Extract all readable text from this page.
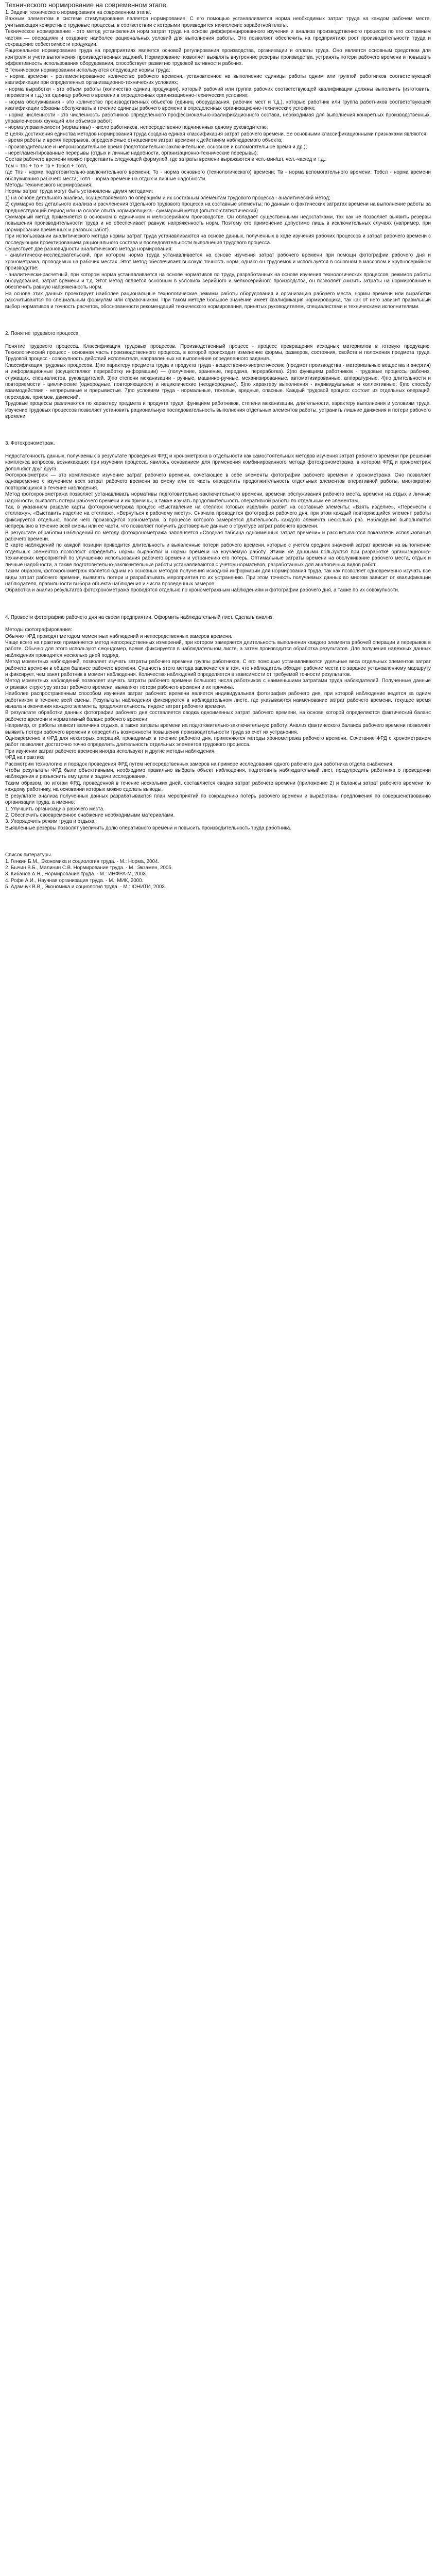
Технического нормирование на современном этапе

1. Задачи технического нормирования на современном этапе.

Важным элементом в системе стимулирования является нормирование. С его помощью устанавливается норма необходимых затрат труда на каждом рабочем месте, учитывающая конкретные трудовые процессы, в соответствии с которыми производится начисление заработной платы.

Техническое нормирование - это метод установления норм затрат труда на основе дифференцированного изучения и анализа производственного процесса по его составным частям — операциям и создание наиболее рациональных условий для выполнения работы. Это позволяет обеспечить на предприятиях рост производительности труда и сокращение себестоимости продукции.

Рациональное нормирование труда на предприятиях является основой регулирования производства, организации и оплаты труда. Оно является основным средством для контроля и учета выполнения производственных заданий. Нормирование позволяет выявлять внутренние резервы производства, устранять потери рабочего времени и повышать эффективность использования оборудования, способствует развитию трудовой активности рабочих.

В техническом нормировании используются следующие нормы труда:

- норма времени - регламентированное количество рабочего времени, установленное на выполнение единицы работы одним или группой работников соответствующей квалификации при определенных организационно-технических условиях;

- норма выработки - это объем работы (количество единиц продукции), который рабочий или группа рабочих соответствующей квалификации должны выполнить (изготовить, перевезти и т.д.) за единицу рабочего времени в определенных организационно-технических условиях;

- норма обслуживания - это количество производственных объектов (единиц оборудования, рабочих мест и т.д.), которые работник или группа работников соответствующей квалификации обязаны обслуживать в течение единицы рабочего времени в определенных организационно-технических условиях;

- норма численности - это численность работников определенного профессионально-квалификационного состава, необходимая для выполнения конкретных производственных, управленческих функций или объемов работ;

- норма управляемости (нормативы) - число работников, непосредственно подчиненных одному руководителю;

В целях достижения единства методов нормирования труда создана единая классификация затрат рабочего времени. Ее основными классификационными признаками являются:

- время работы и время перерывов, определяемые отношением затрат времени к действиям наблюдаемого объекта;

- производительное и непроизводительное время (подготовительно-заключительное, основное и вспомогательное время и др.);

- нерегламентированные перерывы (отдых и личные надобности, организационно-технические перерывы);

Состав рабочего времени можно представить следующей формулой, где затраты времени выражаются в чел.-мин/шт, чел.-час/ед и т.д.:

Тсм = Тпз + То + Тв + Тобсл + Тотл,

где Тпз - норма подготовительно-заключительного времени; То - норма основного (технологического) времени; Тв - норма вспомогательного времени; Тобсл - норма времени обслуживания рабочего места; Тотл - норма времени на отдых и личные надобности.

Методы технического нормирования:

Нормы затрат труда могут быть установлены двумя методами:

1) на основе детального анализа, осуществляемого по операциям и их составным элементам трудового процесса - аналитический метод;

2) суммарно без детального анализа и расчленения отдельного трудового процесса на составные элементы; по данным о фактических затратах времени на выполнение работы за предшествующий период или на основе опыта нормировщика - суммарный метод (опытно-статистический).

Суммарный метод применяется в основном в единичном и мелкосерийном производстве. Он обладает существенными недостатками, так как не позволяет выявить резервы повышения производительности труда и не обеспечивает равную напряженность норм. Поэтому его применение допустимо лишь в исключительных случаях (например, при нормировании временных и разовых работ).

При использовании аналитического метода нормы затрат труда устанавливаются на основе данных, полученных в ходе изучения рабочих процессов и затрат рабочего времени с последующим проектированием рационального состава и последовательности выполнения трудового процесса.

Существует две разновидности аналитического метода нормирования:

- аналитически-исследовательский, при котором норма труда устанавливается на основе изучения затрат рабочего времени при помощи фотографии рабочего дня и хронометража, проводимых на рабочих местах. Этот метод обеспечивает высокую точность норм, однако он трудоемок и используется в основном в массовом и крупносерийном производстве;

- аналитически-расчетный, при котором норма устанавливается на основе нормативов по труду, разработанных на основе изучения технологических процессов, режимов работы оборудования, затрат времени и т.д. Этот метод является основным в условиях серийного и мелкосерийного производства, он позволяет снизить затраты на нормирование и обеспечить равную напряженность норм.

На основе этих данных проектирует наиболее рациональные технологические режимы работы оборудования и организацию рабочего места, нормы времени или выработки рассчитываются по специальным формулам или справочникам. При таком методе большое значение имеет квалификация нормировщика, так как от него зависит правильный выбор нормативов и точность расчетов, обоснованности рекомендаций технического нормирования, принятых руководителем, специалистами и техническими исполнителями.

2. Понятие трудового процесса.

Понятие трудового процесса. Классификация трудовых процессов. Производственный процесс - процесс превращения исходных материалов в готовую продукцию. Технологический процесс - основная часть производственного процесса, в которой происходит изменение формы, размеров, состояния, свойств и положения предмета труда. Трудовой процесс - совокупность действий исполнителя, направленных на выполнение определенного задания.

Классификация трудовых процессов. 1)по характеру предмета труда и продукта труда - вещественно-энергетические (предмет производства - материальные вещества и энергия) и информационные (осуществляют переработку информации) — (получение, хранение, передача, переработка). 2)по функциям работников - трудовые процессы рабочих, служащих, специалистов, руководителей. 3)по степени механизации - ручные, машинно-ручные, механизированные, автоматизированные, аппаратурные. 4)по длительности и повторяемости - циклические (однородные, повторяющиеся) и нециклические (неоднородные). 5)по характеру выполнения - индивидуальные и коллективные; 6)по способу взаимодействия - непрерывные и прерывистые. 7)по условиям труда - нормальные, тяжелые, вредные, опасные. Каждый трудовой процесс состоит из отдельных операций, переходов, приемов, движений.

Трудовые процессы различаются по характеру предмета и продукта труда, функциям работников, степени механизации, длительности, характеру выполнения и условиям труда. Изучение трудовых процессов позволяет установить рациональную последовательность выполнения отдельных элементов работы, устранить лишние движения и потери рабочего времени.

3. Фотохронометраж.

Недостаточность данных, получаемых в результате проведения ФРД и хронометража в отдельности как самостоятельных методов изучения затрат рабочего времени при решении комплекса вопросов, возникающих при изучении процесса, явилось основанием для применения комбинированного метода фотохронометража, в котором ФРД и хронометраж дополняют друг друга.

Фотохронометраж — это комплексное изучение затрат рабочего времени, сочетающее в себе элементы фотографии рабочего времени и хронометража. Оно позволяет одновременно с изучением всех затрат рабочего времени за смену или ее часть определить продолжительность отдельных элементов оперативной работы, многократно повторяющихся в течение наблюдения.

Метод фотохронометража позволяет устанавливать нормативы подготовительно-заключительного времени, времени обслуживания рабочего места, времени на отдых и личные надобности, выявлять потери рабочего времени и их причины, а также изучать продолжительность оперативной работы по отдельным ее элементам.

Так, в указанном разделе карты фотохронометража процесс «Выставление на стеллаж готовых изделий» разбит на составные элементы: «Взять изделие», «Перенести к стеллажу», «Выставить изделие на стеллаж», «Вернуться к рабочему месту». Сначала проводится фотография рабочего дня, при этом каждый повторяющийся элемент работы фиксируется отдельно, после чего производится хронометраж, в процессе которого замеряется длительность каждого элемента несколько раз. Наблюдения выполняются непрерывно в течение всей смены или ее части, что позволяет получить достоверные данные о структуре затрат рабочего времени.

В результате обработки наблюдений по методу фотохронометража заполняется «Сводная таблица одноименных затрат времени» и рассчитываются показатели использования рабочего времени.

В карте наблюдений по каждой позиции приводится длительность и выявленные потери рабочего времени, которые с учетом средних значений затрат времени на выполнение отдельных элементов позволяют определить нормы выработки и нормы времени на изучаемую работу. Этими же данными пользуются при разработке организационно-технических мероприятий по улучшению использования рабочего времени и устранению его потерь. Оптимальные затраты времени на обслуживание рабочего места, отдых и личные надобности, а также подготовительно-заключительные работы устанавливаются с учетом нормативов, разработанных для аналогичных видов работ.

Таким образом, фотохронометраж является одним из основных методов получения исходной информации для нормирования труда, так как позволяет одновременно изучать все виды затрат рабочего времени, выявлять потери и разрабатывать мероприятия по их устранению. При этом точность получаемых данных во многом зависит от квалификации наблюдателя, правильности выбора объекта наблюдения и числа проведенных замеров.

Обработка и анализ результатов фотохронометража проводятся отдельно по хронометражным наблюдениям и фотографии рабочего дня, а также по их совокупности.

4. Провести фотографию рабочего дня на своем предприятии. Оформить наблюдательный лист. Сделать анализ.

Методы фотографирования:

Обычно ФРД проводят методом моментных наблюдений и непосредственных замеров времени.

Чаще всего на практике применяется метод непосредственных измерений, при котором замеряется длительность выполнения каждого элемента рабочей операции и перерывов в работе. Обычно для этого используют секундомер, время фиксируется в наблюдательном листе, а затем производится обработка результатов. Для получения надежных данных наблюдения проводятся несколько дней подряд.

Метод моментных наблюдений, позволяет изучать затраты рабочего времени группы работников. С его помощью устанавливаются удельные веса отдельных элементов затрат рабочего времени в общем балансе рабочего времени. Сущность этого метода заключается в том, что наблюдатель обходит рабочие места по заранее установленному маршруту и фиксирует, чем занят работник в момент наблюдения. Количество наблюдений определяется в зависимости от требуемой точности результатов.

Метод моментных наблюдений позволяет изучать затраты рабочего времени большого числа работников с наименьшими затратами труда наблюдателей. Полученные данные отражают структуру затрат рабочего времени, выявляют потери рабочего времени и их причины.

Наиболее распространенным способом изучения затрат рабочего времени является индивидуальная фотография рабочего дня, при которой наблюдение ведется за одним работником в течение всей смены. Результаты наблюдения фиксируются в наблюдательном листе, где указываются наименование затрат рабочего времени, текущее время начала и окончания каждого элемента, продолжительность, индекс затрат рабочего времени.

В результате обработки данных фотографии рабочего дня составляется сводка одноименных затрат рабочего времени, на основе которой определяются фактический баланс рабочего времени и нормативный баланс рабочего времени.

Например, от работы зависит величина отдыха, а также затраты времени на подготовительно-заключительную работу. Анализ фактического баланса рабочего времени позволяет выявить потери рабочего времени и определить возможности повышения производительности труда за счет их устранения.

Одновременно в ФРД для некоторых операций, проводимых в течение рабочего дня, применяются методы хронометража рабочего времени. Сочетание ФРД с хронометражем работ позволяет достаточно точно определить длительность отдельных элементов трудового процесса.

При изучении затрат рабочего времени иногда используют и другие методы наблюдения.

ФРД на практике

Рассмотрим технологию и порядок проведения ФРД путем непосредственных замеров на примере исследования одного рабочего дня работника отдела снабжения.

Чтобы результаты ФРД были объективными, необходимо правильно выбрать объект наблюдения, подготовить наблюдательный лист, предупредить работника о проведении наблюдения и разъяснить ему цели и задачи исследования.

Таким образом, по итогам ФРД, проведенной в течение нескольких дней, составляется сводка затрат рабочего времени (приложение 2) и балансы затрат рабочего времени по каждому работнику, на основании которых можно сделать выводы.

В результате анализа полученных данных разрабатываются план мероприятий по сокращению потерь рабочего времени и выработаны предложения по совершенствованию организации труда, а именно:

1. Улучшить организацию рабочего места.

2. Обеспечить своевременное снабжение необходимыми материалами.

3. Упорядочить режим труда и отдыха.

Выявленные резервы позволят увеличить долю оперативного времени и повысить производительность труда работника.

Список литературы

1. Генкин Б.М., Экономика и социология труда. - М.: Норма, 2004.

2. Бычин В.Б., Малинин С.В. Нормирование труда. - М.: Экзамен, 2005.

3. Кибанов А.Я., Нормирование труда. - М.: ИНФРА-М, 2003.

4. Рофе А.И., Научная организация труда. - М.: МИК, 2000.

5. Адамчук В.В., Экономика и социология труда. - М.: ЮНИТИ, 2003.
